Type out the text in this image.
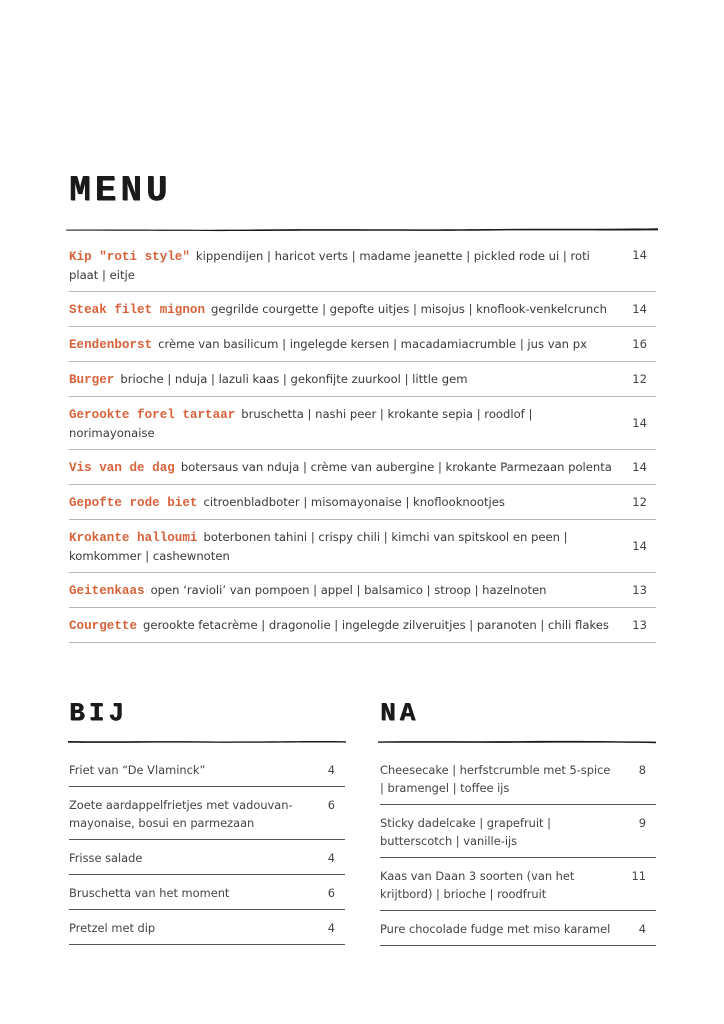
MENU
Kip "roti style" kippendijen | haricot verts | madame jeanette | pickled rode ui | roti plaat | eitje
14
Steak filet mignon gegrilde courgette | gepofte uitjes | misojus | knoflook-venkelcrunch 14
Eendenborst crème van basilicum | ingelegde kersen | macadamiacrumble | jus van px	16
Burger brioche | nduja | lazuli kaas | gekonfijte zuurkool | little gem	12
Gerookte forel tartaar bruschetta | nashi peer | krokante sepia | roodlof | norimayonaise
14
Vis van de dag botersaus van nduja | crème van aubergine | krokante Parmezaan polenta 14
Gepofte rode biet citroenbladboter | misomayonaise | knoflooknootjes	12
Krokante halloumi boterbonen tahini | crispy chili | kimchi van spitskool en peen | komkommer | cashewnoten
14
Geitenkaas open ‘ravioli’ van pompoen | appel | balsamico | stroop | hazelnoten	13
Courgette gerookte fetacrème | dragonolie | ingelegde zilveruitjes | paranoten | chili flakes 13
BIJ
Friet van “De Vlaminck”	4
Zoete aardappelfrietjes met vadouvan-mayonaise, bosui en parmezaan
6
Frisse salade	4
Bruschetta van het moment	6
Pretzel met dip	4
NA
Cheesecake | herfstcrumble met 5-spice | bramengel | toffee ijs
8
Sticky dadelcake | grapefruit | butterscotch | vanille-ijs
9
Kaas van Daan 3 soorten (van het krijtbord) | brioche | roodfruit
11
Pure chocolade fudge met miso karamel	4
